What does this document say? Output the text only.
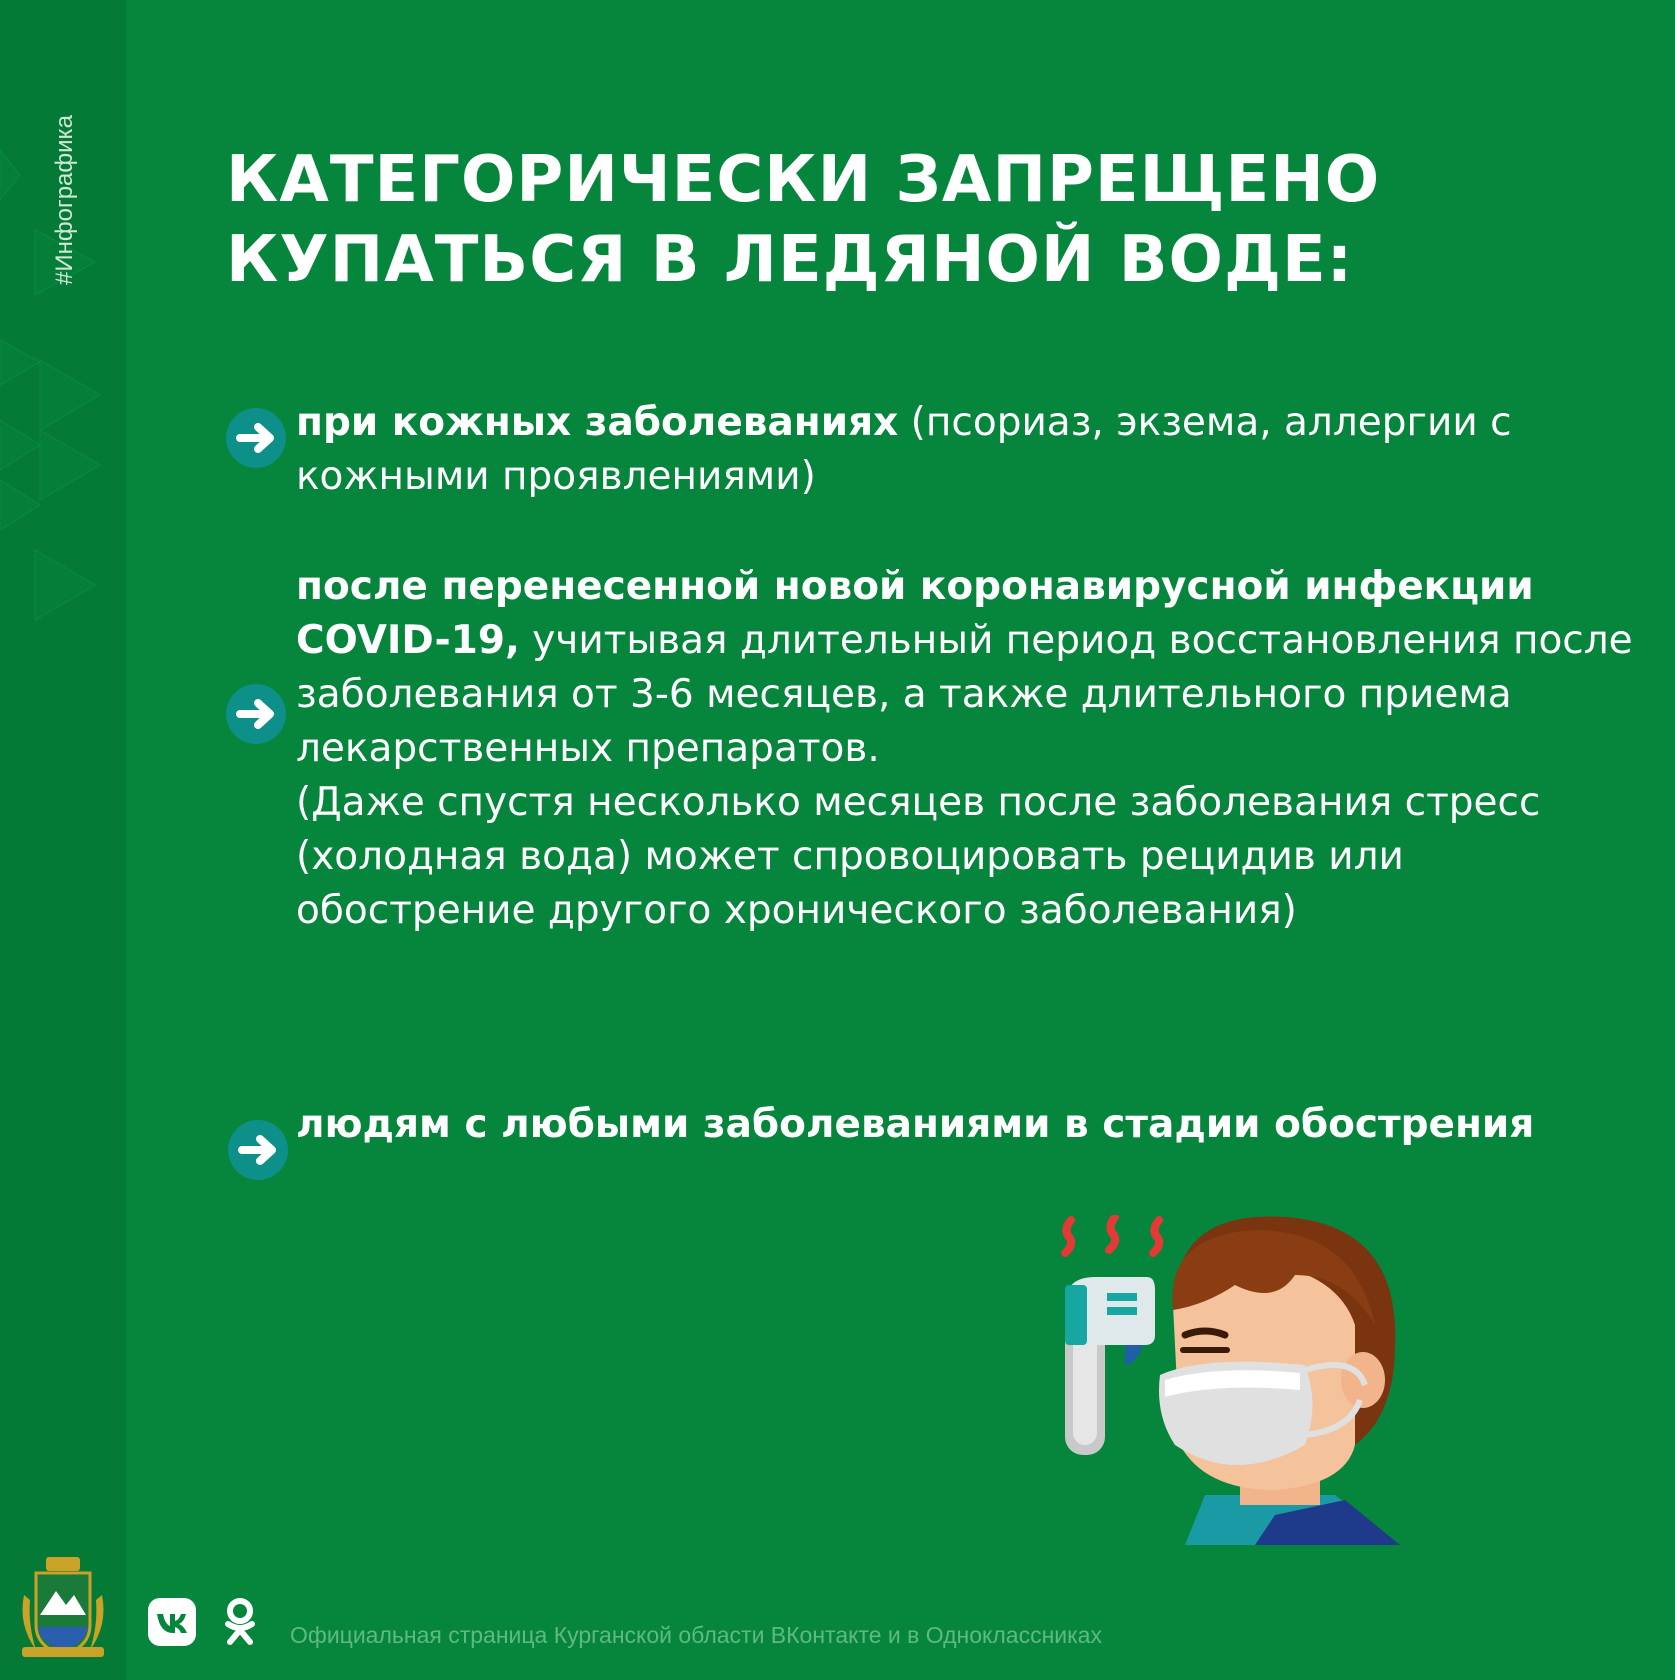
#Инфографика КАТЕГОРИЧЕСКИ ЗАПРЕЩЕНО
КУПАТЬСЯ В ЛЕДЯНОЙ ВОДЕ:
при кожных заболеваниях (псориаз, экзема, аллергии с кожными проявлениями)
после перенесенной новой коронавирусной инфекции COVID-19, учитывая длительный период восстановления после заболевания от 3-6 месяцев, а также длительного приема лекарственных препаратов.
(Даже спустя несколько месяцев после заболевания стресс (холодная вода) может спровоцировать рецидив или обострение другого хронического заболевания)
людям с любыми заболеваниями в стадии обострения
Официальная страница Курганской области ВКонтакте и в Одноклассниках
